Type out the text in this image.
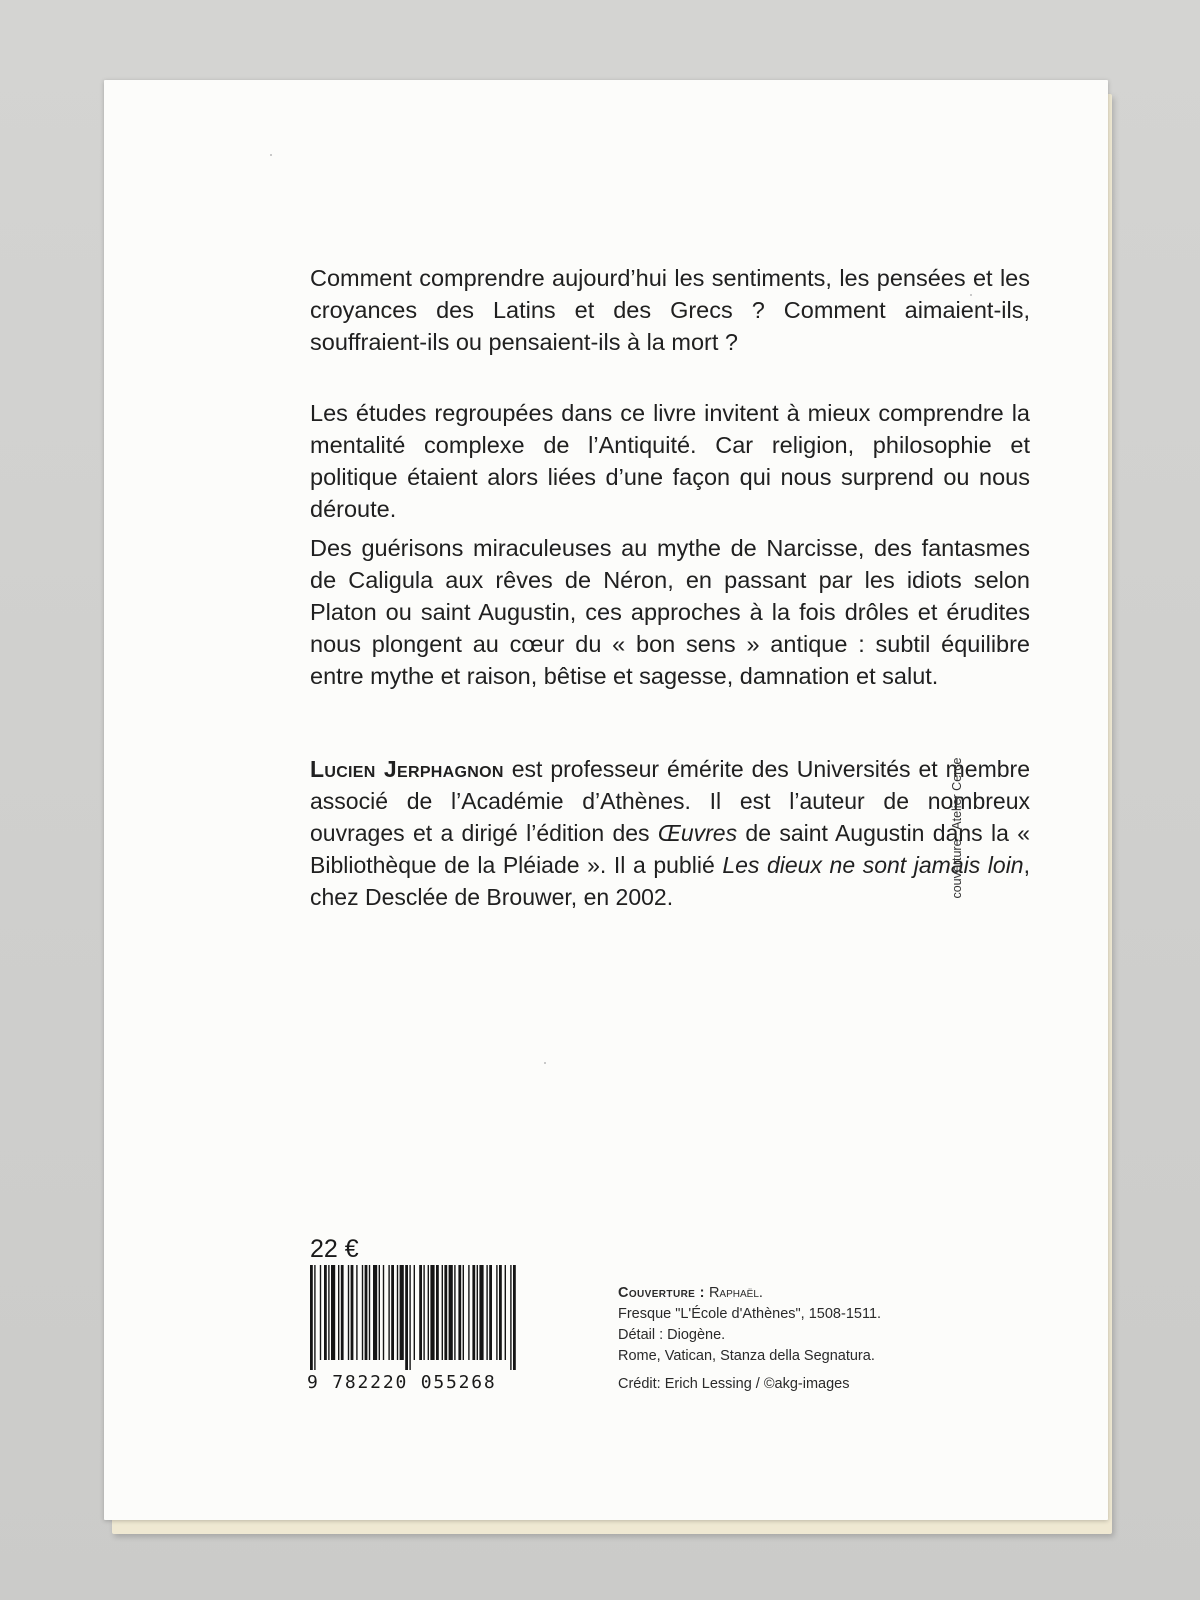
Comment comprendre aujourd’hui les sentiments, les pensées et les croyances des Latins et des Grecs ? Comment aimaient-ils, souffraient-ils ou pensaient-ils à la mort ?

Les études regroupées dans ce livre invitent à mieux comprendre la mentalité complexe de l’Antiquité. Car religion, philosophie et politique étaient alors liées d’une façon qui nous surprend ou nous déroute.

Des guérisons miraculeuses au mythe de Narcisse, des fantasmes de Caligula aux rêves de Néron, en passant par les idiots selon Platon ou saint Augustin, ces approches à la fois drôles et érudites nous plongent au cœur du « bon sens » antique : subtil équilibre entre mythe et raison, bêtise et sagesse, damnation et salut.

Lucien Jerphagnon est professeur émérite des Universités et membre associé de l’Académie d’Athènes. Il est l’auteur de nombreux ouvrages et a dirigé l’édition des Œuvres de saint Augustin dans la « Bibliothèque de la Pléiade ». Il a publié Les dieux ne sont jamais loin, chez Desclée de Brouwer, en 2002.	couverture : Atelier Cerce
22 €
9 782220 055268
Couverture : Raphaël.
Fresque "L'École d'Athènes", 1508-1511.
Détail : Diogène.
Rome, Vatican, Stanza della Segnatura.
Crédit: Erich Lessing / ©akg-images
